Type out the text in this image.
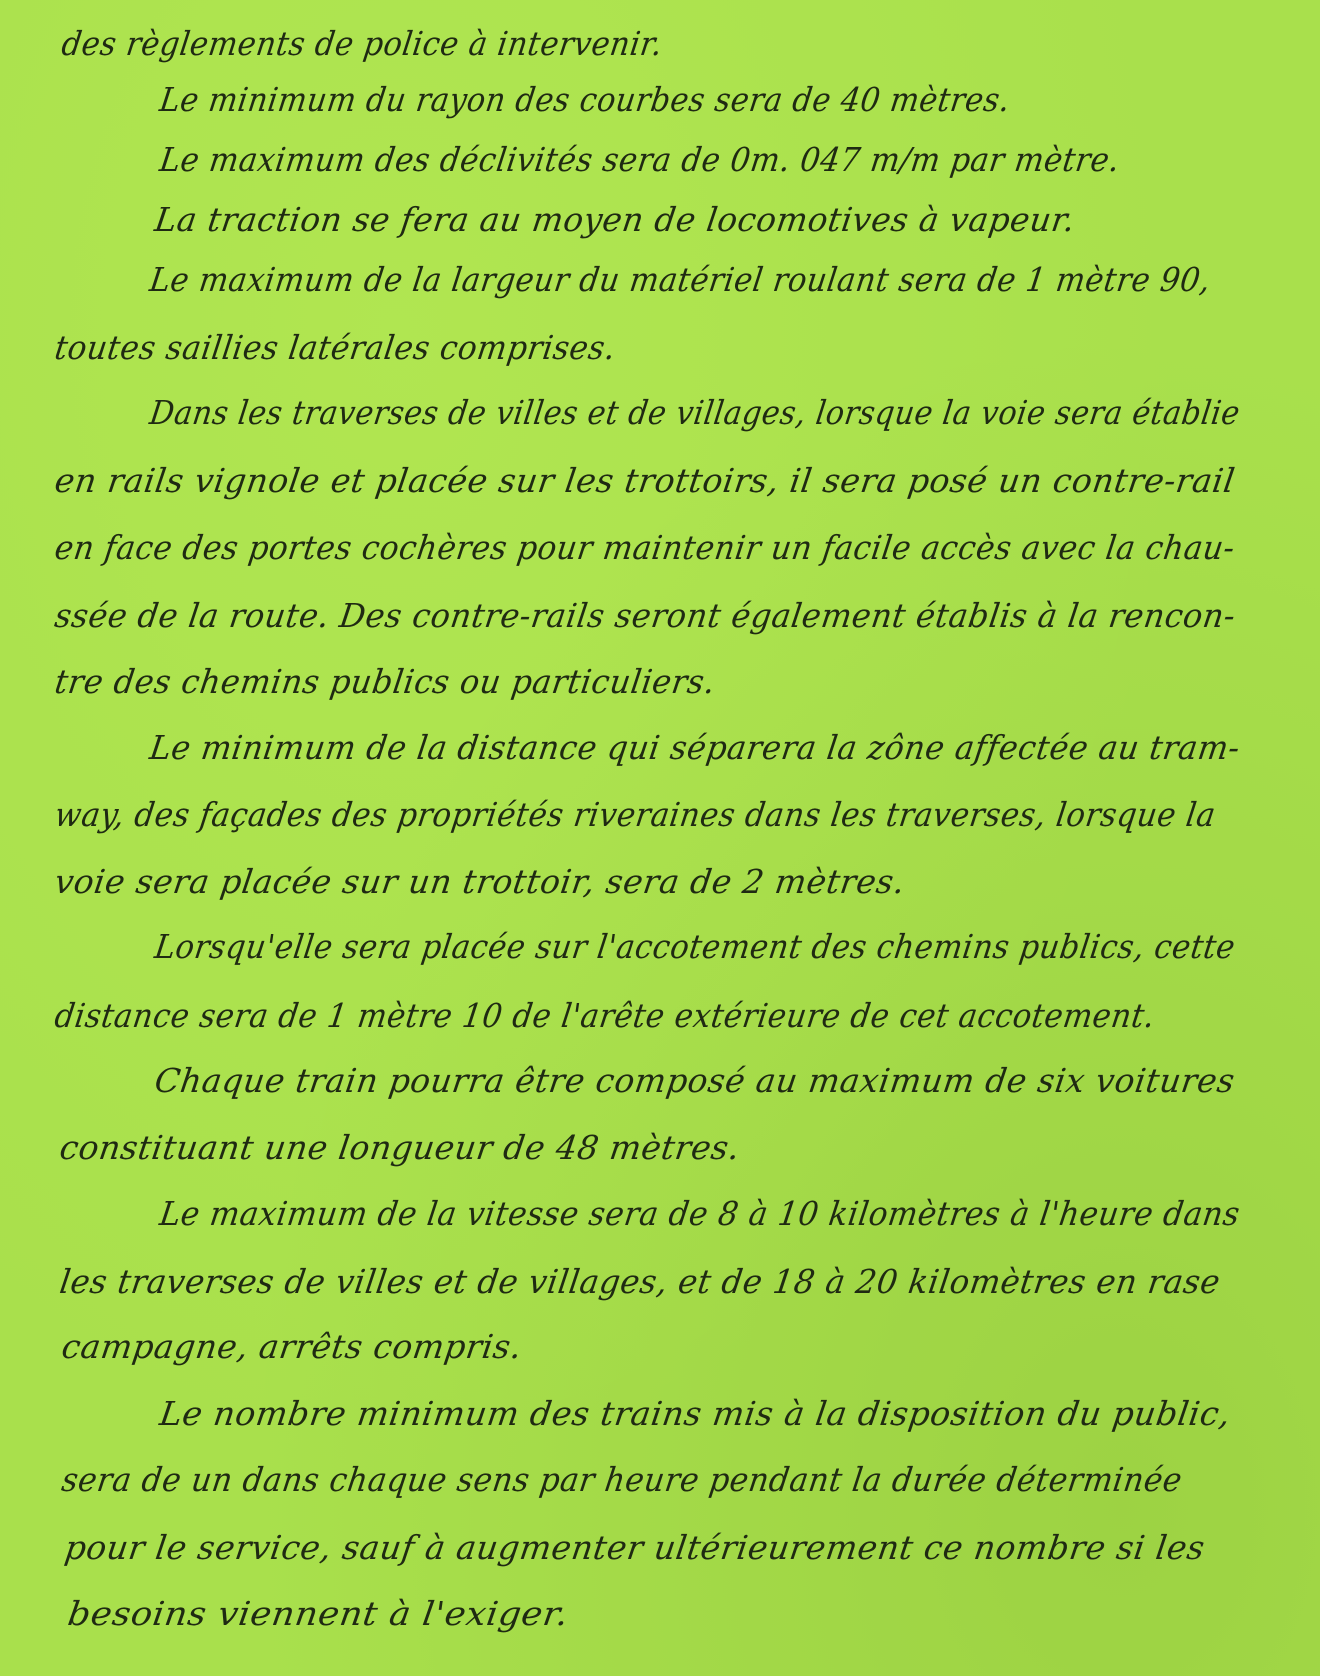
des règlements de police à intervenir.
Le minimum du rayon des courbes sera de 40 mètres.
Le maximum des déclivités sera de 0m. 047 m/m par mètre.
La traction se fera au moyen de locomotives à vapeur.
Le maximum de la largeur du matériel roulant sera de 1 mètre 90,
toutes saillies latérales comprises.
Dans les traverses de villes et de villages, lorsque la voie sera établie
en rails vignole et placée sur les trottoirs, il sera posé un contre-rail
en face des portes cochères pour maintenir un facile accès avec la chau-
ssée de la route. Des contre-rails seront également établis à la rencon-
tre des chemins publics ou particuliers.
Le minimum de la distance qui séparera la zône affectée au tram-
way, des façades des propriétés riveraines dans les traverses, lorsque la
voie sera placée sur un trottoir, sera de 2 mètres.
Lorsqu'elle sera placée sur l'accotement des chemins publics, cette
distance sera de 1 mètre 10 de l'arête extérieure de cet accotement.
Chaque train pourra être composé au maximum de six voitures
constituant une longueur de 48 mètres.
Le maximum de la vitesse sera de 8 à 10 kilomètres à l'heure dans
les traverses de villes et de villages, et de 18 à 20 kilomètres en rase
campagne, arrêts compris.
Le nombre minimum des trains mis à la disposition du public,
sera de un dans chaque sens par heure pendant la durée déterminée
pour le service, sauf à augmenter ultérieurement ce nombre si les
besoins viennent à l'exiger.
